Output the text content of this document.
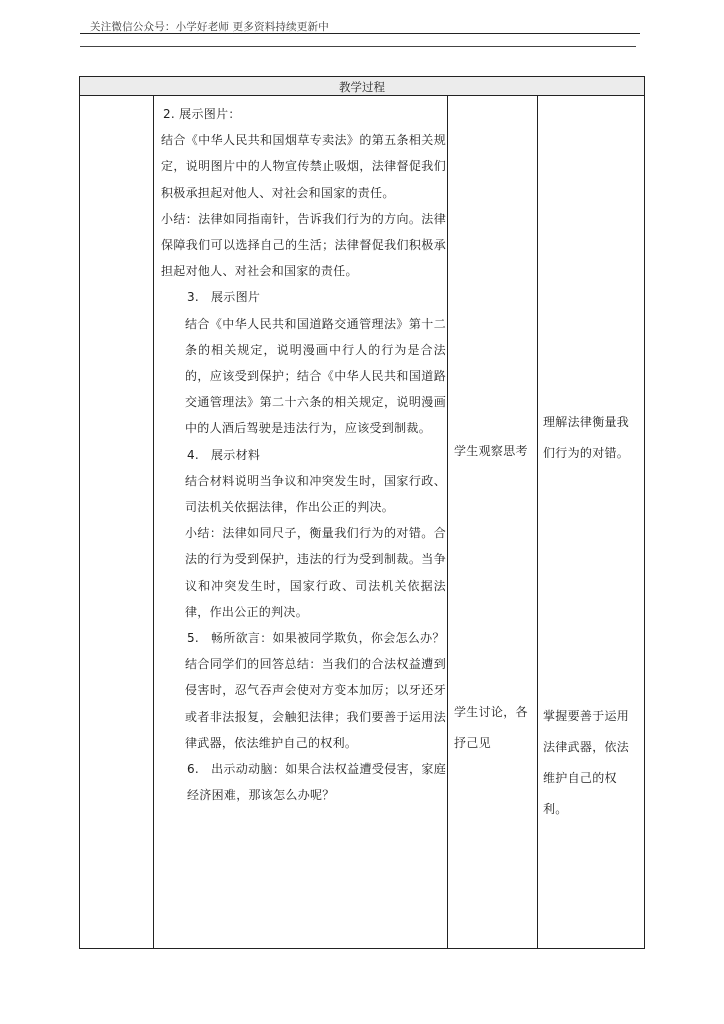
关注微信公众号：小学好老师 更多资料持续更新中
教学过程

2. 展示图片：

结合《中华人民共和国烟草专卖法》的第五条相关规定，说明图片中的人物宣传禁止吸烟，法律督促我们积极承担起对他人、对社会和国家的责任。

小结：法律如同指南针，告诉我们行为的方向。法律保障我们可以选择自己的生活；法律督促我们积极承担起对他人、对社会和国家的责任。

3. 展示图片

结合《中华人民共和国道路交通管理法》第十二条的相关规定，说明漫画中行人的行为是合法的，应该受到保护；结合《中华人民共和国道路交通管理法》第二十六条的相关规定，说明漫画中的人酒后驾驶是违法行为，应该受到制裁。

4. 展示材料

结合材料说明当争议和冲突发生时，国家行政、司法机关依据法律，作出公正的判决。

小结：法律如同尺子，衡量我们行为的对错。合法的行为受到保护，违法的行为受到制裁。当争议和冲突发生时，国家行政、司法机关依据法律，作出公正的判决。

5. 畅所欲言：如果被同学欺负，你会怎么办？

结合同学们的回答总结：当我们的合法权益遭到侵害时，忍气吞声会使对方变本加厉；以牙还牙或者非法报复，会触犯法律；我们要善于运用法律武器，依法维护自己的权利。

6. 出示动动脑：如果合法权益遭受侵害，家庭经济困难，那该怎么办呢？

学生观察思考
学生讨论，各抒己见
理解法律衡量我们行为的对错。
掌握要善于运用法律武器，依法维护自己的权利。
